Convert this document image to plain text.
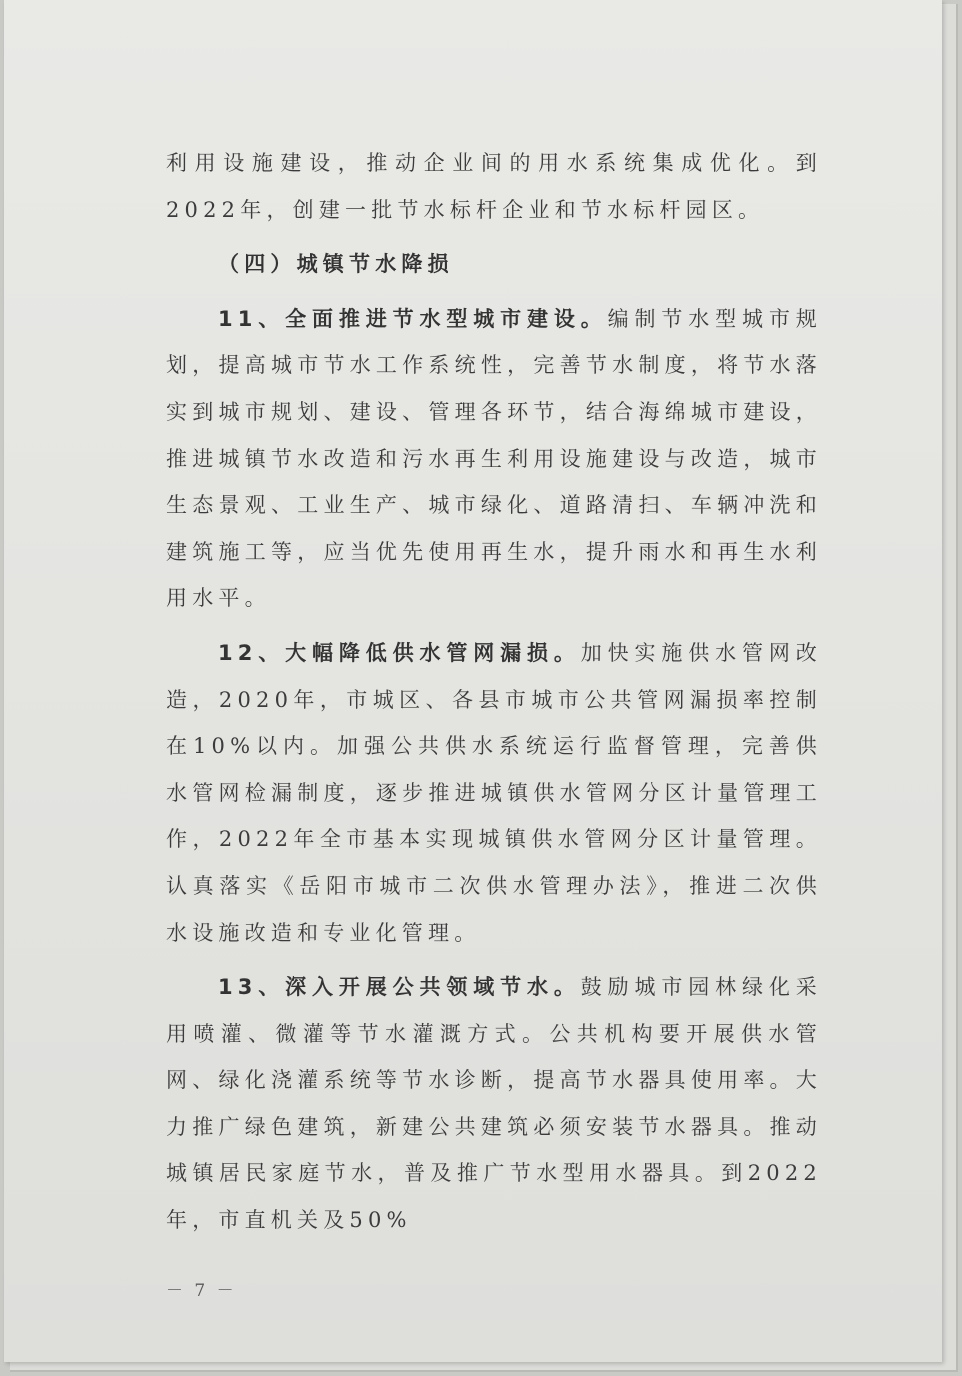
利用设施建设，推动企业间的用水系统集成优化。到2022年，创建一批节水标杆企业和节水标杆园区。

（四）城镇节水降损

11、全面推进节水型城市建设。编制节水型城市规划，提高城市节水工作系统性，完善节水制度，将节水落实到城市规划、建设、管理各环节，结合海绵城市建设，推进城镇节水改造和污水再生利用设施建设与改造，城市生态景观、工业生产、城市绿化、道路清扫、车辆冲洗和建筑施工等，应当优先使用再生水，提升雨水和再生水利用水平。

12、大幅降低供水管网漏损。加快实施供水管网改造，2020年，市城区、各县市城市公共管网漏损率控制在10%以内。加强公共供水系统运行监督管理，完善供水管网检漏制度，逐步推进城镇供水管网分区计量管理工作，2022年全市基本实现城镇供水管网分区计量管理。认真落实《岳阳市城市二次供水管理办法》，推进二次供水设施改造和专业化管理。

13、深入开展公共领域节水。鼓励城市园林绿化采用喷灌、微灌等节水灌溉方式。公共机构要开展供水管网、绿化浇灌系统等节水诊断，提高节水器具使用率。大力推广绿色建筑，新建公共建筑必须安装节水器具。推动城镇居民家庭节水，普及推广节水型用水器具。到2022年，市直机关及50%

－ 7 －
